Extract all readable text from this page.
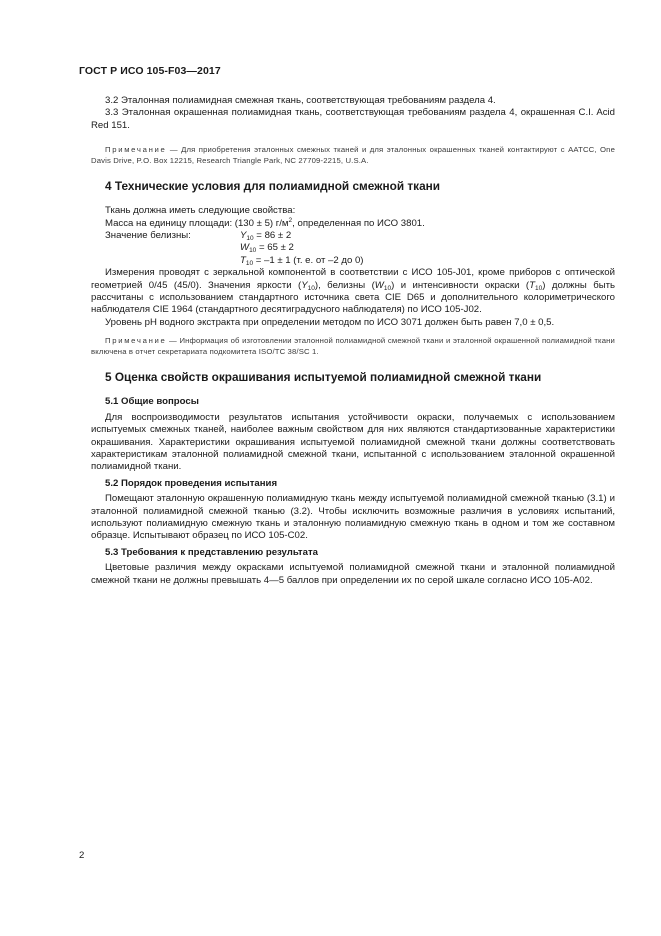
ГОСТ Р ИСО 105-F03—2017

3.2 Эталонная полиамидная смежная ткань, соответствующая требованиям раздела 4.

3.3 Эталонная окрашенная полиамидная ткань, соответствующая требованиям раздела 4, окрашенная C.I. Acid Red 151.

Примечание — Для приобретения эталонных смежных тканей и для эталонных окрашенных тканей контактируют с AATCC, One Davis Drive, P.O. Box 12215, Research Triangle Park, NC 27709-2215, U.S.A.
4 Технические условия для полиамидной смежной ткани

Ткань должна иметь следующие свойства:

Масса на единицу площади: (130 ± 5) $г/м^2$, определенная по ИСО 3801.

Значение белизны:	$Y_{10} = 86 \pm 2$
$W_{10} = 65 \pm 2$
$T_{10} = -1 \pm 1$ (т. е. от –2 до 0)

Измерения проводят с зеркальной компонентой в соответствии с ИСО 105-J01, кроме приборов с оптической геометрией 0/45 (45/0). Значения яркости $(Y_{10})$, белизны $(W_{10})$ и интенсивности окраски $(T_{10})$ должны быть рассчитаны с использованием стандартного источника света CIE D65 и дополнительного колориметрического наблюдателя CIE 1964 (стандартного десятиградусного наблюдателя) по ИСО 105-J02.

Уровень pH водного экстракта при определении методом по ИСО 3071 должен быть равен 7,0 ± 0,5.

Примечание — Информация об изготовлении эталонной полиамидной смежной ткани и эталонной окрашенной полиамидной ткани включена в отчет секретариата подкомитета ISO/TC 38/SC 1.
5 Оценка свойств окрашивания испытуемой полиамидной смежной ткани
5.1 Общие вопросы

Для воспроизводимости результатов испытания устойчивости окраски, получаемых с использованием испытуемых смежных тканей, наиболее важным свойством для них являются стандартизованные характеристики окрашивания. Характеристики окрашивания испытуемой полиамидной смежной ткани должны соответствовать характеристикам эталонной полиамидной смежной ткани, испытанной с использованием эталонной окрашенной полиамидной ткани.

5.2 Порядок проведения испытания

Помещают эталонную окрашенную полиамидную ткань между испытуемой полиамидной смежной тканью (3.1) и эталонной полиамидной смежной тканью (3.2). Чтобы исключить возможные различия в условиях испытаний, используют полиамидную смежную ткань и эталонную полиамидную смежную ткань в одном и том же составном образце. Испытывают образец по ИСО 105-C02.

5.3 Требования к представлению результата

Цветовые различия между окрасками испытуемой полиамидной смежной ткани и эталонной полиамидной смежной ткани не должны превышать 4—5 баллов при определении их по серой шкале согласно ИСО 105-A02.

2
